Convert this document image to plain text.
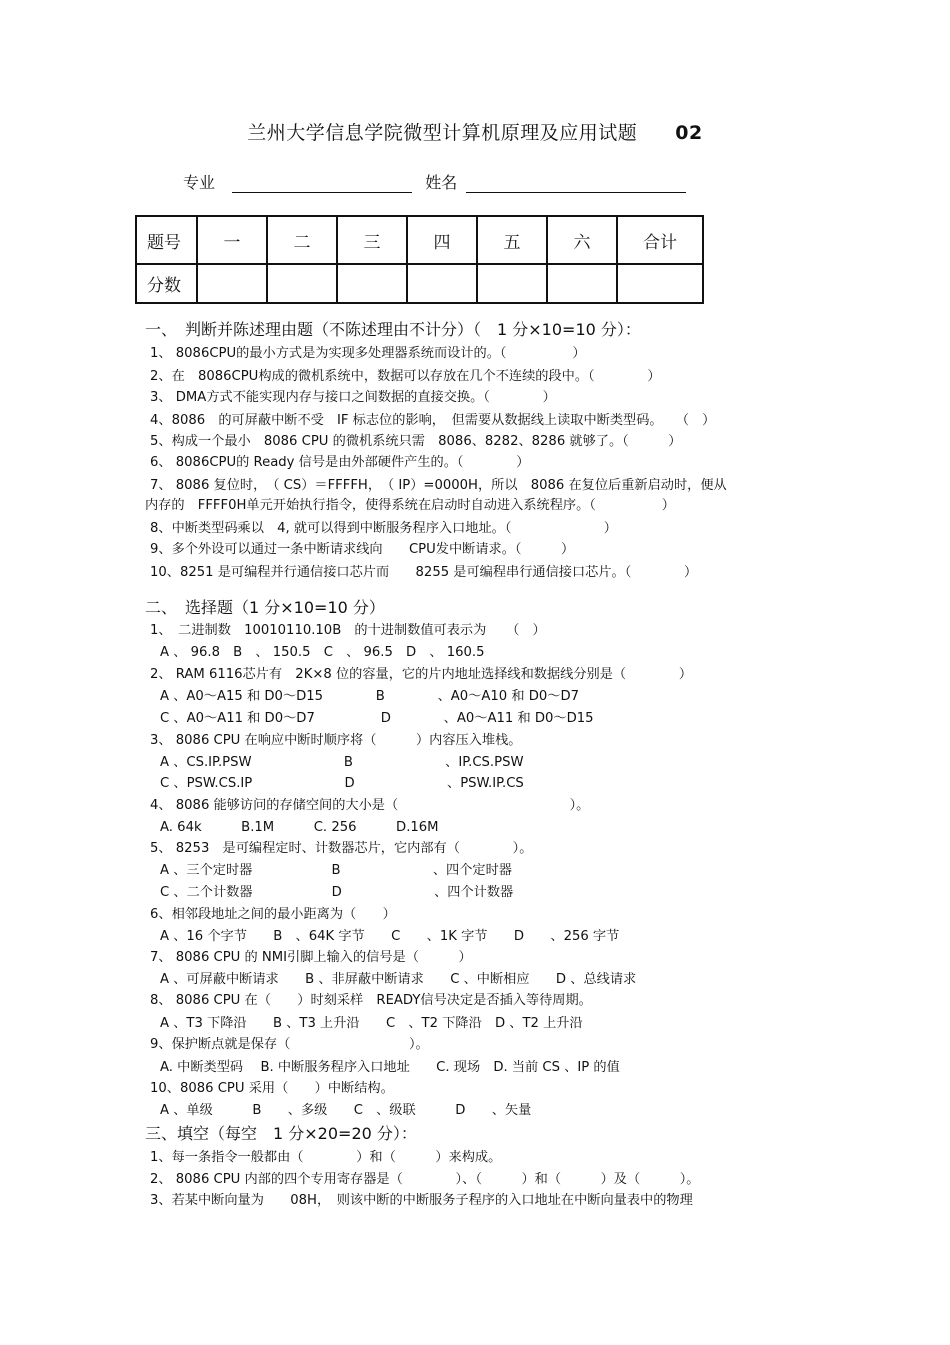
兰州大学信息学院微型计算机原理及应用试题 02
专业	姓名
题号	一	二	三	四	五	六	合计
分数							
一、　判断并陈述理由题（不陈述理由不计分）（　1 分×10=10 分）：
1、 8086CPU的最小方式是为实现多处理器系统而设计的。（　　　　　）
2、在　8086CPU构成的微机系统中，数据可以存放在几个不连续的段中。（　　　　）
3、 DMA方式不能实现内存与接口之间数据的直接交换。（　　　　）
4、8086　的可屏蔽中断不受　IF 标志位的影响，　但需要从数据线上读取中断类型码。　　（　）
5、构成一个最小　8086 CPU 的微机系统只需　8086、8282、8286 就够了。（　　　）
6、 8086CPU的 Ready 信号是由外部硬件产生的。（　　　　）
7、 8086 复位时，　（ CS）＝FFFFH，　（ IP）=0000H，所以　8086 在复位后重新启动时，便从
内存的　FFFF0H单元开始执行指令，使得系统在启动时自动进入系统程序。（　　　　　）
8、中断类型码乘以　4, 就可以得到中断服务程序入口地址。（　　　　　　　）
9、多个外设可以通过一条中断请求线向　　CPU发中断请求。（　　　）
10、8251 是可编程并行通信接口芯片而　　8255 是可编程串行通信接口芯片。（　　　　）
二、　选择题（1 分×10=10 分）
1、　二进制数　10010110.10B　的十进制数值可表示为　　（　）
A 、 96.8　B　、 150.5　C　、 96.5　D　、 160.5
2、 RAM 6116芯片有　2K×8 位的容量，它的片内地址选择线和数据线分别是（　　　　）
A 、A0～A15 和 D0～D15　　　　B　　　　、A0～A10 和 D0～D7
C 、A0～A11 和 D0～D7　　　　　D　　　　、A0～A11 和 D0～D15
3、 8086 CPU 在响应中断时顺序将（　　　）内容压入堆栈。
A 、CS.IP.PSW　　　　　　　B　　　　　　　、IP.CS.PSW
C 、PSW.CS.IP　　　　　　　D　　　　　　　、PSW.IP.CS
4、 8086 能够访问的存储空间的大小是（　　　　　　　　　　　　　）。
A. 64k　　　B.1M　　　C. 256　　　D.16M
5、 8253　是可编程定时、计数器芯片，它内部有（　　　　）。
A 、三个定时器　　　　　　B　　　　　　　、四个定时器
C 、二个计数器　　　　　　D　　　　　　　、四个计数器
6、相邻段地址之间的最小距离为（　　）
A 、16 个字节　　B　、64K 字节　　C　　、1K 字节　　D　　、256 字节
7、 8086 CPU 的 NMI引脚上输入的信号是（　　　）
A 、可屏蔽中断请求　　B 、非屏蔽中断请求　　C 、中断相应　　D 、总线请求
8、 8086 CPU 在（　　）时刻采样　READY信号决定是否插入等待周期。
A 、T3 下降沿　　B 、T3 上升沿　　C　、T2 下降沿　D 、T2 上升沿
9、保护断点就是保存（　　　　　　　　　）。
A. 中断类型码　 B. 中断服务程序入口地址　　C. 现场　D. 当前 CS 、IP 的值
10、8086 CPU 采用（　　）中断结构。
A 、单级　　　B　　、多级　　C　、级联　　　D　　、矢量
三、填空（每空　1 分×20=20 分）：
1、每一条指令一般都由（　　　　）和（　　　）来构成。
2、 8086 CPU 内部的四个专用寄存器是（　　　　）、（　　　）和（　　　）及（　　　）。
3、若某中断向量为　　08H，　则该中断的中断服务子程序的入口地址在中断向量表中的物理
